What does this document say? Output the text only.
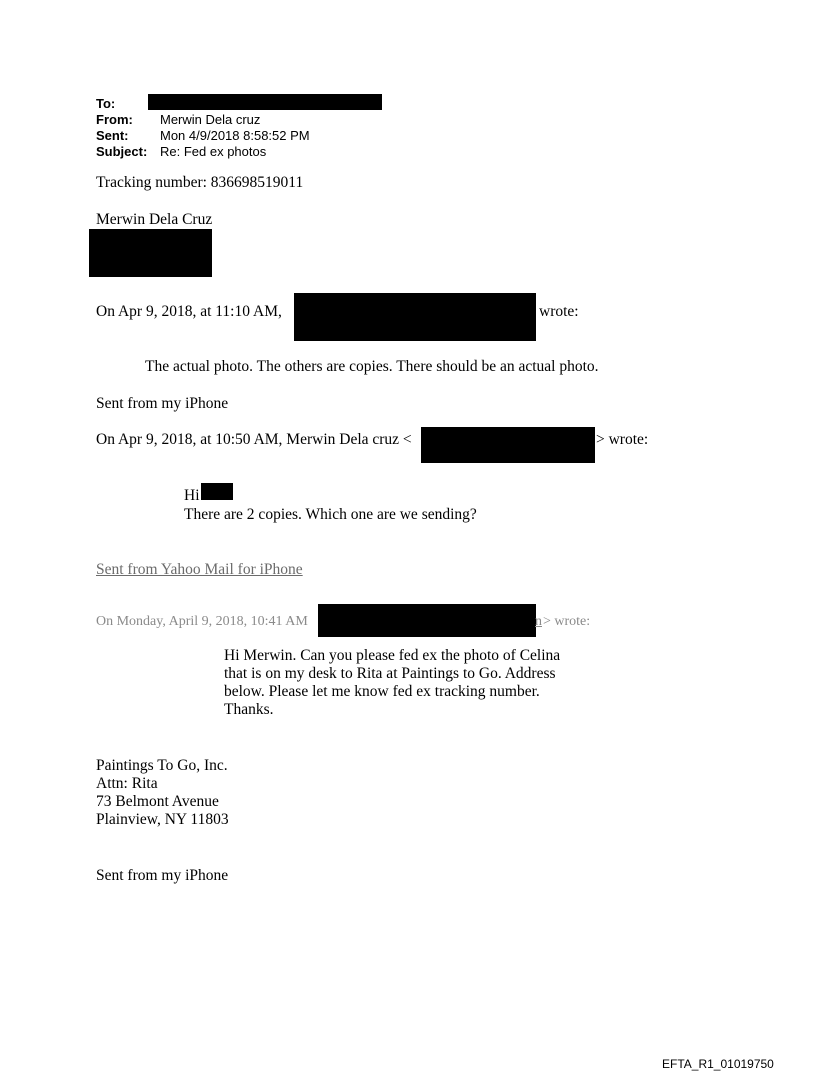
To:
From: Merwin Dela cruz
Sent: Mon 4/9/2018 8:58:52 PM
Subject: Re: Fed ex photos
Tracking number: 836698519011
Merwin Dela Cruz
On Apr 9, 2018, at 11:10 AM,	wrote:
The actual photo. The others are copies. There should be an actual photo.
Sent from my iPhone
On Apr 9, 2018, at 10:50 AM, Merwin Dela cruz <	> wrote:
Hi
There are 2 copies. Which one are we sending?
Sent from Yahoo Mail for iPhone
On Monday, April 9, 2018, 10:41 AM	n > wrote:
Hi Merwin. Can you please fed ex the photo of Celina
that is on my desk to Rita at Paintings to Go. Address
below. Please let me know fed ex tracking number.
Thanks.
Paintings To Go, Inc.
Attn: Rita
73 Belmont Avenue
Plainview, NY 11803
Sent from my iPhone
EFTA_R1_01019750
